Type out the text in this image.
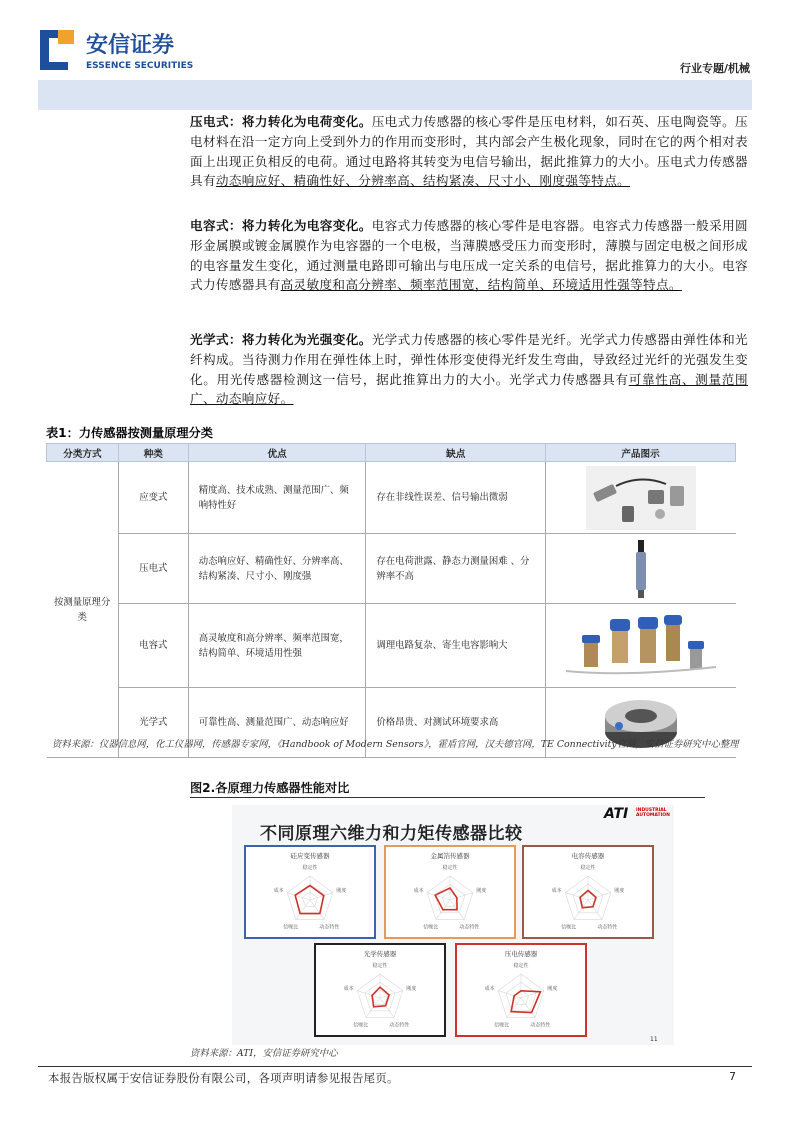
安信证券
ESSENCE SECURITIES	行业专题/机械

压电式：将力转化为电荷变化。压电式力传感器的核心零件是压电材料，如石英、压电陶瓷等。压电材料在沿一定方向上受到外力的作用而变形时，其内部会产生极化现象，同时在它的两个相对表面上出现正负相反的电荷。通过电路将其转变为电信号输出，据此推算力的大小。压电式力传感器具有动态响应好、精确性好、分辨率高、结构紧凑、尺寸小、刚度强等特点。

电容式：将力转化为电容变化。电容式力传感器的核心零件是电容器。电容式力传感器一般采用圆形金属膜或镀金属膜作为电容器的一个电极，当薄膜感受压力而变形时，薄膜与固定电极之间形成的电容量发生变化，通过测量电路即可输出与电压成一定关系的电信号，据此推算力的大小。电容式力传感器具有高灵敏度和高分辨率、频率范围宽，结构简单、环境适用性强等特点。

光学式：将力转化为光强变化。光学式力传感器的核心零件是光纤。光学式力传感器由弹性体和光纤构成。当待测力作用在弹性体上时，弹性体形变使得光纤发生弯曲，导致经过光纤的光强发生变化。用光传感器检测这一信号，据此推算出力的大小。光学式力传感器具有可靠性高、测量范围广、动态响应好。

表1：力传感器按测量原理分类
分类方式	种类	优点	缺点	产品图示
按测量原理分类	应变式	精度高、技术成熟、测量范围广、频响特性好	存在非线性误差、信号输出微弱	

	压电式	动态响应好、精确性好、分辨率高、结构紧凑、尺寸小、刚度强	存在电荷泄露、静态力测量困难 、分辨率不高	

	电容式	高灵敏度和高分辨率、频率范围宽，结构简单、环境适用性强	调理电路复杂、寄生电容影响大	

	光学式	可靠性高、测量范围广、动态响应好	价格昂贵、对测试环境要求高	
资料来源：仪器信息网，化工仪器网，传感器专家网，《Handbook of Modern Sensors》，霍盾官网，汉夫德官网，TE Connectivity官网，安信证券研究中心整理
图2.各原理力传感器性能对比
不同原理六维力和力矩传感器比较
ATI INDUSTRIAL
AUTOMATION
11
硅应变传感器
稳定性
刚度
动态特性
信噪比
成本
金属箔传感器
稳定性
刚度
动态特性
信噪比
成本
电容传感器
稳定性
刚度
动态特性
信噪比
成本
光学传感器
稳定性
刚度
动态特性
信噪比
成本
压电传感器
稳定性
刚度
动态特性
信噪比
成本
资料来源：ATI，安信证券研究中心
本报告版权属于安信证券股份有限公司，各项声明请参见报告尾页。	7
